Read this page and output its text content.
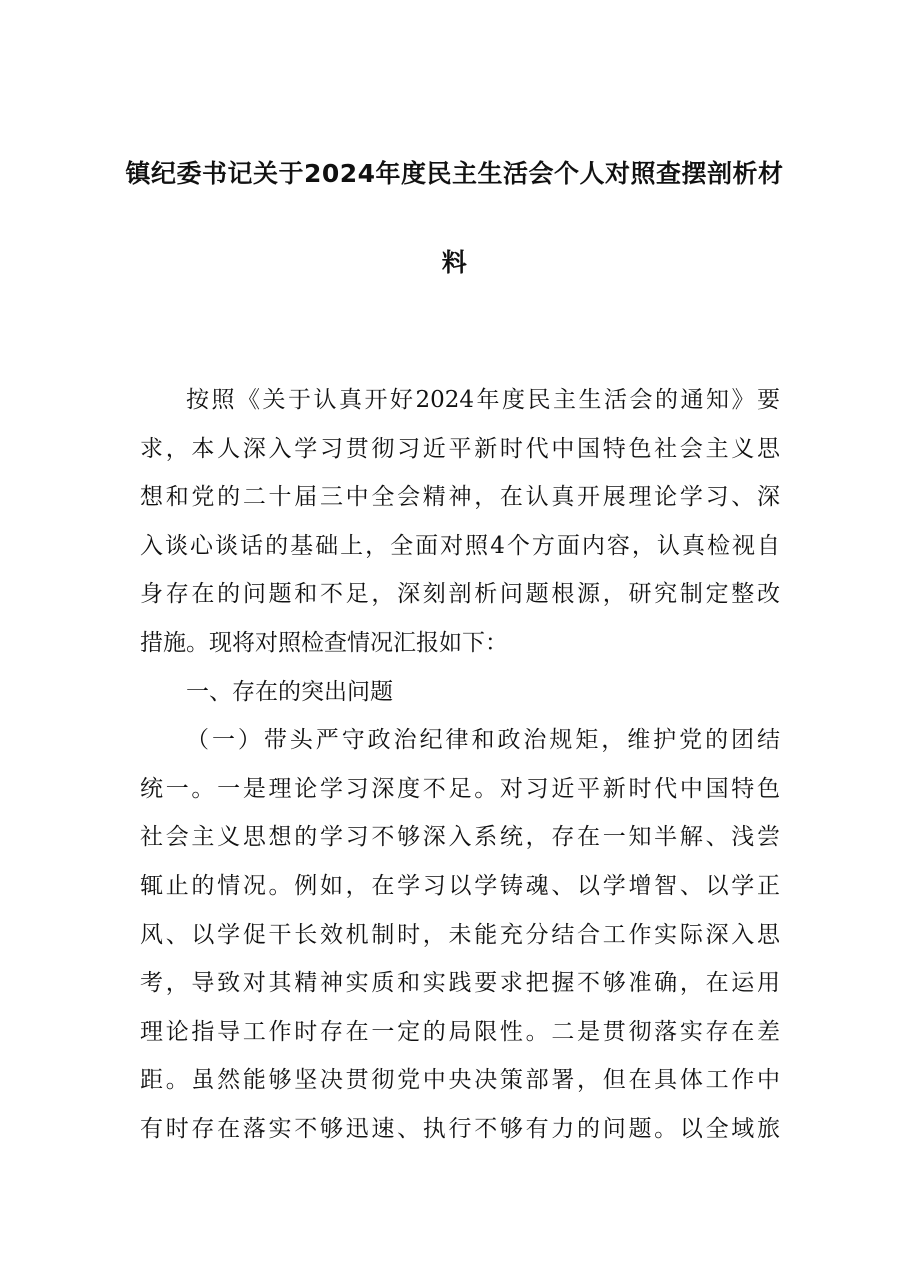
镇纪委书记关于2024年度民主生活会个人对照查摆剖析材
料
按照《关于认真开好2024年度民主生活会的通知》要
求，本人深入学习贯彻习近平新时代中国特色社会主义思
想和党的二十届三中全会精神，在认真开展理论学习、深
入谈心谈话的基础上，全面对照4个方面内容，认真检视自
身存在的问题和不足，深刻剖析问题根源，研究制定整改
措施。现将对照检查情况汇报如下：
一、存在的突出问题
（一）带头严守政治纪律和政治规矩，维护党的团结
统一。一是理论学习深度不足。对习近平新时代中国特色
社会主义思想的学习不够深入系统，存在一知半解、浅尝
辄止的情况。例如，在学习以学铸魂、以学增智、以学正
风、以学促干长效机制时，未能充分结合工作实际深入思
考，导致对其精神实质和实践要求把握不够准确，在运用
理论指导工作时存在一定的局限性。二是贯彻落实存在差
距。虽然能够坚决贯彻党中央决策部署，但在具体工作中
有时存在落实不够迅速、执行不够有力的问题。以全域旅
